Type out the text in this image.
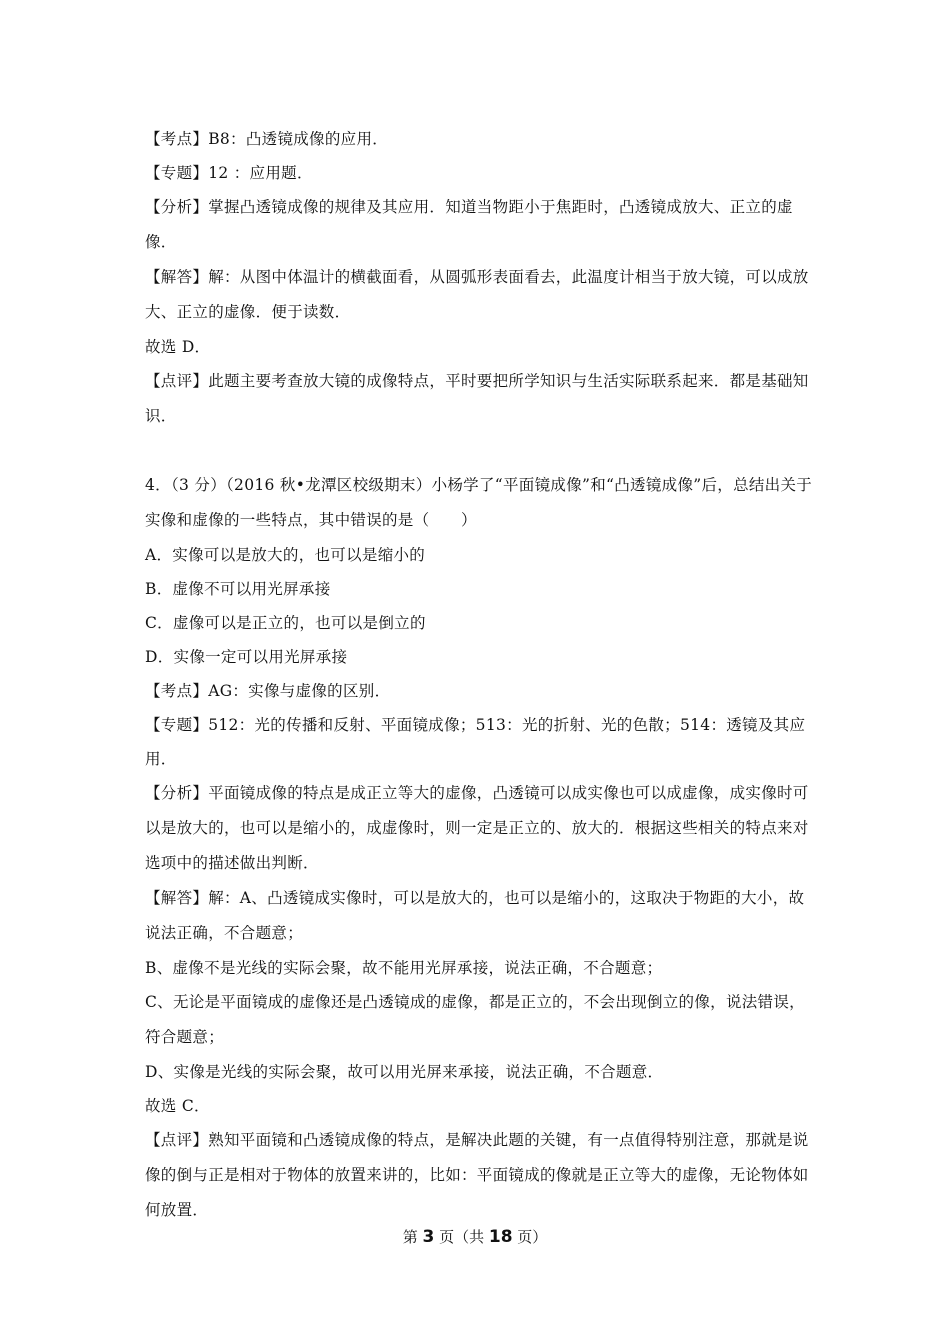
【考点】B8：凸透镜成像的应用．

【专题】12 ：应用题．

【分析】掌握凸透镜成像的规律及其应用．知道当物距小于焦距时，凸透镜成放大、正立的虚像．

【解答】解：从图中体温计的横截面看，从圆弧形表面看去，此温度计相当于放大镜，可以成放大、正立的虚像．便于读数．

故选 D．

【点评】此题主要考查放大镜的成像特点，平时要把所学知识与生活实际联系起来．都是基础知识．

4．（3 分）（2016 秋•龙潭区校级期末）小杨学了“平面镜成像”和“凸透镜成像”后，总结出关于实像和虚像的一些特点，其中错误的是（　　）

A．实像可以是放大的，也可以是缩小的

B．虚像不可以用光屏承接

C．虚像可以是正立的，也可以是倒立的

D．实像一定可以用光屏承接

【考点】AG：实像与虚像的区别．

【专题】512：光的传播和反射、平面镜成像；513：光的折射、光的色散；514：透镜及其应用．

【分析】平面镜成像的特点是成正立等大的虚像，凸透镜可以成实像也可以成虚像，成实像时可以是放大的，也可以是缩小的，成虚像时，则一定是正立的、放大的．根据这些相关的特点来对选项中的描述做出判断．

【解答】解：A、凸透镜成实像时，可以是放大的，也可以是缩小的，这取决于物距的大小，故说法正确，不合题意；

B、虚像不是光线的实际会聚，故不能用光屏承接，说法正确，不合题意；

C、无论是平面镜成的虚像还是凸透镜成的虚像，都是正立的，不会出现倒立的像，说法错误，符合题意；

D、实像是光线的实际会聚，故可以用光屏来承接，说法正确，不合题意．

故选 C．

【点评】熟知平面镜和凸透镜成像的特点，是解决此题的关键，有一点值得特别注意，那就是说像的倒与正是相对于物体的放置来讲的，比如：平面镜成的像就是正立等大的虚像，无论物体如何放置．

第 3 页（共 18 页）
